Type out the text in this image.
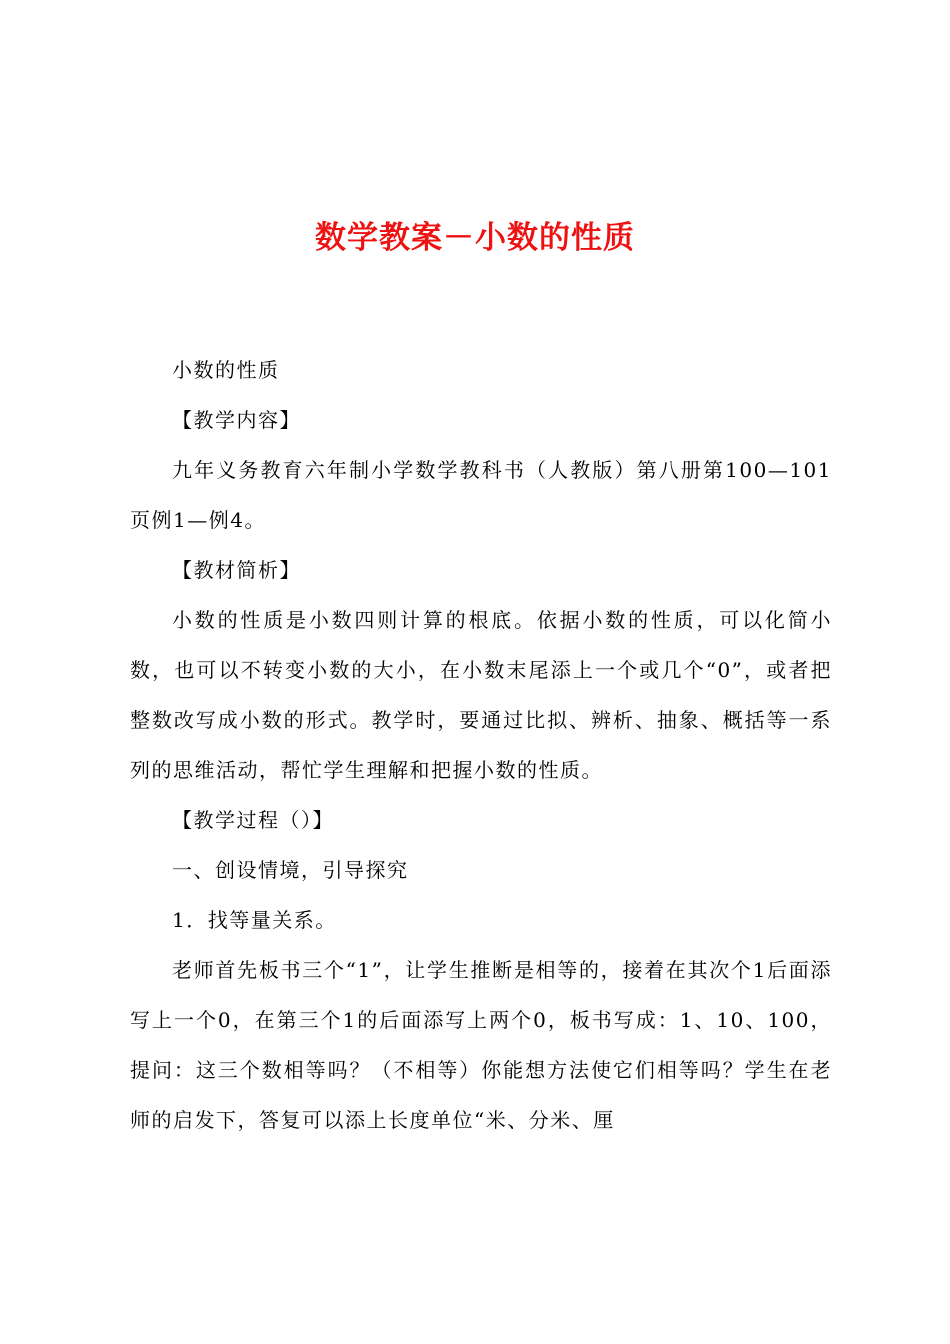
数学教案－小数的性质

小数的性质

【教学内容】

九年义务教育六年制小学数学教科书（人教版）第八册第100—101页例1—例4。

【教材简析】

小数的性质是小数四则计算的根底。依据小数的性质，可以化简小数，也可以不转变小数的大小，在小数末尾添上一个或几个“0”，或者把整数改写成小数的形式。教学时，要通过比拟、辨析、抽象、概括等一系列的思维活动，帮忙学生理解和把握小数的性质。

【教学过程（）】

一、创设情境，引导探究

1．找等量关系。

老师首先板书三个“1”，让学生推断是相等的，接着在其次个1后面添写上一个0，在第三个1的后面添写上两个0，板书写成：1、10、100，提问：这三个数相等吗？（不相等）你能想方法使它们相等吗？学生在老师的启发下，答复可以添上长度单位“米、分米、厘
